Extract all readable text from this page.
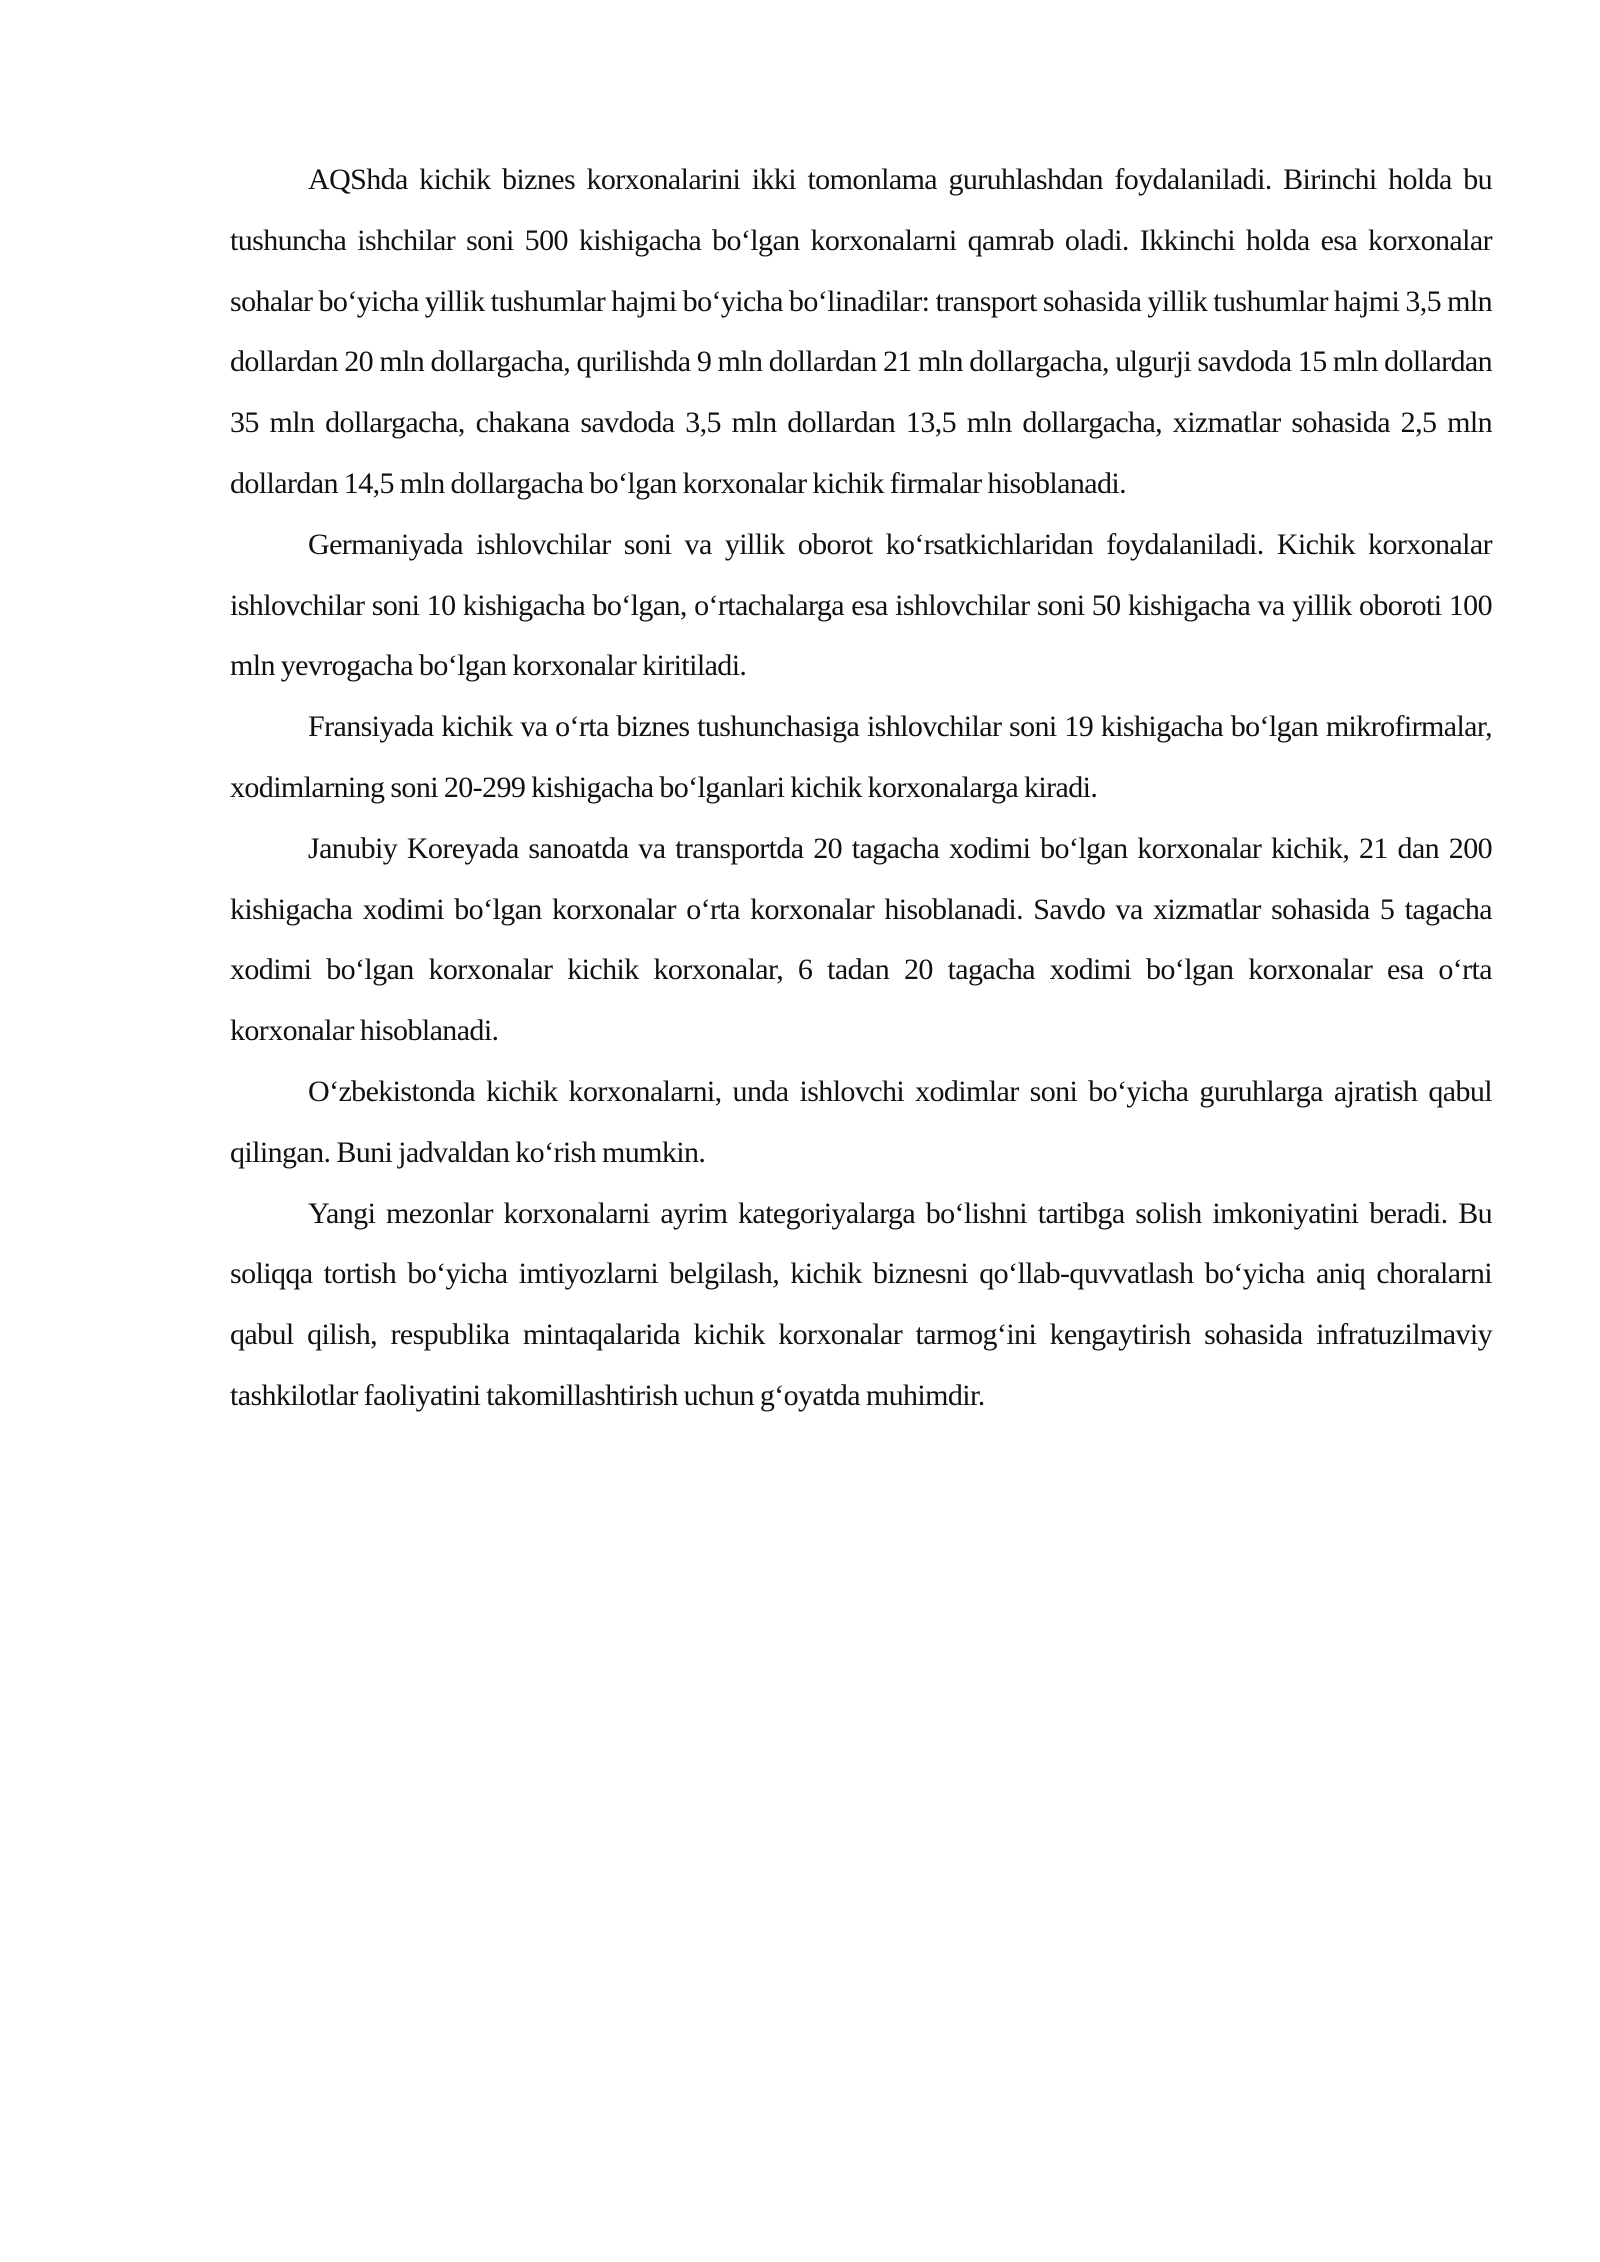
AQShda kichik biznes korxonalarini ikki tomonlama guruhlashdan foydalaniladi. Birinchi holda bu tushuncha ishchilar soni 500 kishigacha bo‘lgan korxonalarni qamrab oladi. Ikkinchi holda esa korxonalar sohalar bo‘yicha yillik tushumlar hajmi bo‘yicha bo‘linadilar: transport sohasida yillik tushumlar hajmi 3,5 mln dollardan 20 mln dollargacha, qurilishda 9 mln dollardan 21 mln dollargacha, ulgurji savdoda 15 mln dollardan 35 mln dollargacha, chakana savdoda 3,5 mln dollardan 13,5 mln dollargacha, xizmatlar sohasida 2,5 mln dollardan 14,5 mln dollargacha bo‘lgan korxonalar kichik firmalar hisoblanadi.

Germaniyada ishlovchilar soni va yillik oborot ko‘rsatkichlaridan foydalaniladi. Kichik korxonalar ishlovchilar soni 10 kishigacha bo‘lgan, o‘rtachalarga esa ishlovchilar soni 50 kishigacha va yillik oboroti 100 mln yevrogacha bo‘lgan korxonalar kiritiladi.

Fransiyada kichik va o‘rta biznes tushunchasiga ishlovchilar soni 19 kishigacha bo‘lgan mikrofirmalar, xodimlarning soni 20-299 kishigacha bo‘lganlari kichik korxonalarga kiradi.

Janubiy Koreyada sanoatda va transportda 20 tagacha xodimi bo‘lgan korxonalar kichik, 21 dan 200 kishigacha xodimi bo‘lgan korxonalar o‘rta korxonalar hisoblanadi. Savdo va xizmatlar sohasida 5 tagacha xodimi bo‘lgan korxonalar kichik korxonalar, 6 tadan 20 tagacha xodimi bo‘lgan korxonalar esa o‘rta korxonalar hisoblanadi.

O‘zbekistonda kichik korxonalarni, unda ishlovchi xodimlar soni bo‘yicha guruhlarga ajratish qabul qilingan. Buni jadvaldan ko‘rish mumkin.

Yangi mezonlar korxonalarni ayrim kategoriyalarga bo‘lishni tartibga solish imkoniyatini beradi. Bu soliqqa tortish bo‘yicha imtiyozlarni belgilash, kichik biznesni qo‘llab-quvvatlash bo‘yicha aniq choralarni qabul qilish, respublika mintaqalarida kichik korxonalar tarmog‘ini kengaytirish sohasida infratuzilmaviy tashkilotlar faoliyatini takomillashtirish uchun g‘oyatda muhimdir.
